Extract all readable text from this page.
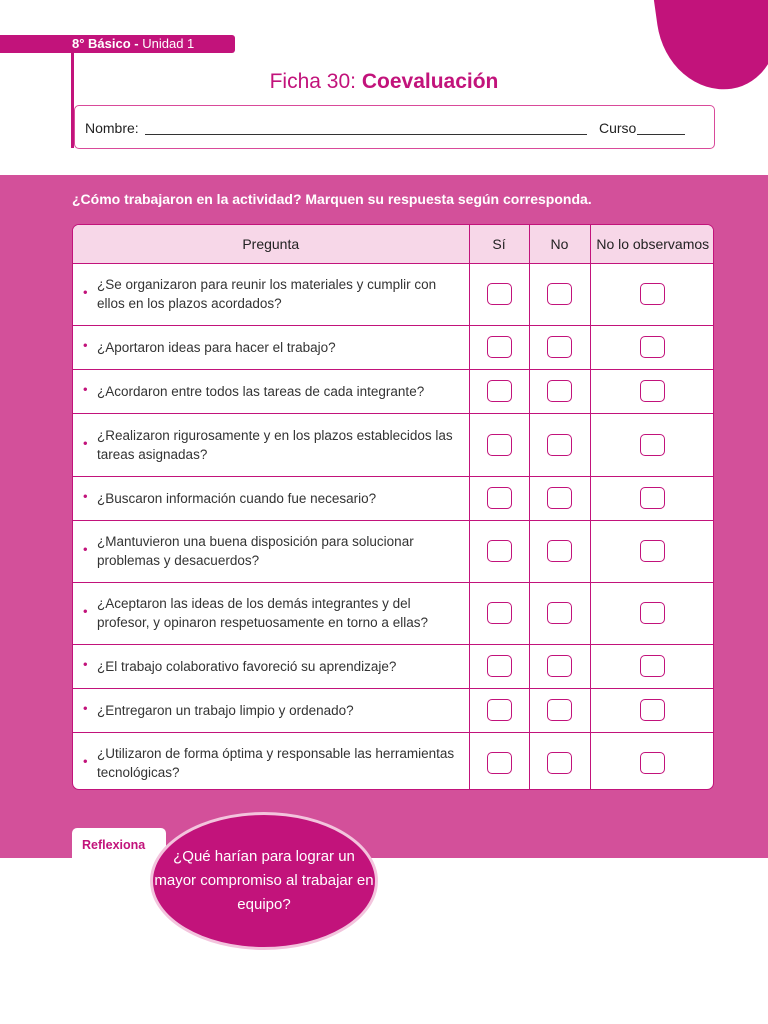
8° Básico - Unidad 1
Ficha 30: Coevaluación
Nombre:	Curso
¿Cómo trabajaron en la actividad? Marquen su respuesta según corresponda.
Pregunta	Sí	No	No lo observamos
• ¿Se organizaron para reunir los materiales y cumplir con ellos en los plazos acordados?			
• ¿Aportaron ideas para hacer el trabajo?			
• ¿Acordaron entre todos las tareas de cada integrante?			
• ¿Realizaron rigurosamente y en los plazos establecidos las tareas asignadas?			
• ¿Buscaron información cuando fue necesario?			
• ¿Mantuvieron una buena disposición para solucionar problemas y desacuerdos?			
• ¿Aceptaron las ideas de los demás integrantes y del profesor, y opinaron respetuosamente en torno a ellas?			
• ¿El trabajo colaborativo favoreció su aprendizaje?			
• ¿Entregaron un trabajo limpio y ordenado?			
• ¿Utilizaron de forma óptima y responsable las herramientas tecnológicas?			
Reflexiona
¿Qué harían para lograr un mayor compromiso al trabajar en equipo?
